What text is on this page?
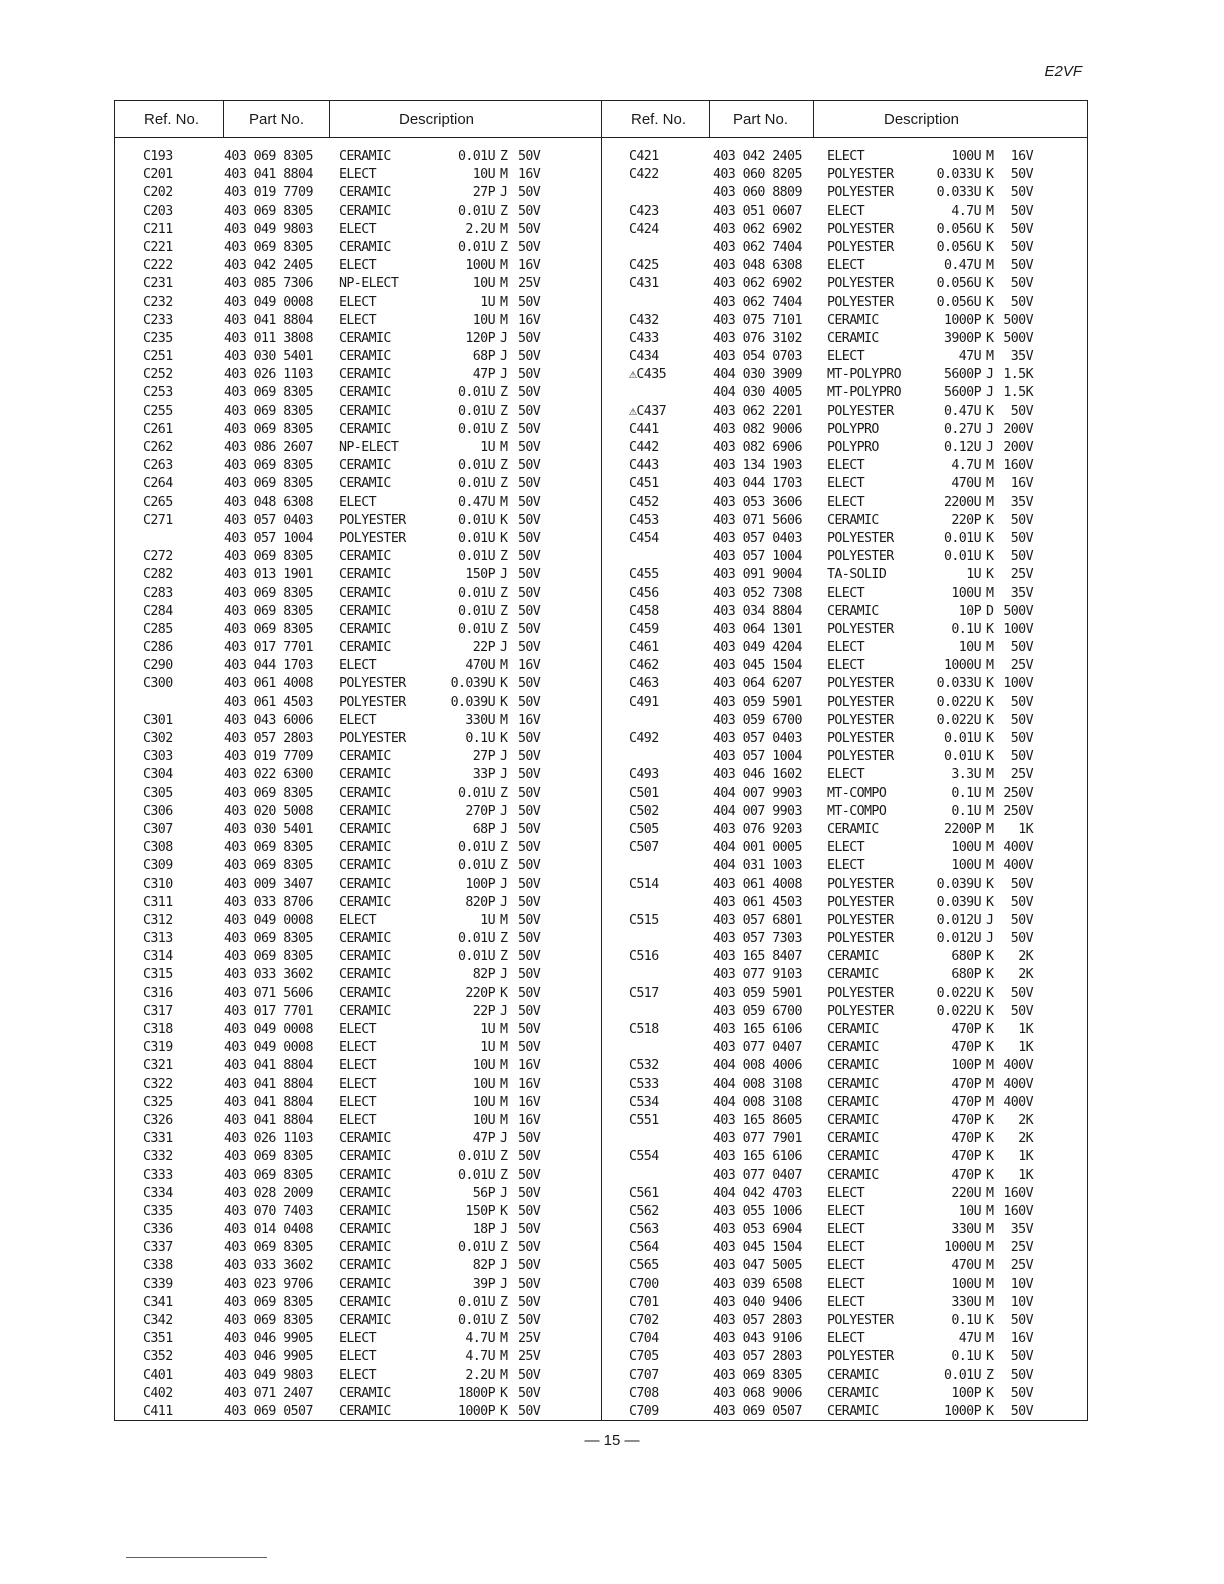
E2VF
Ref. No.	Part No.	Description
C193	403 069 8305 CERAMIC	0.01U Z 50V
C201	403 041 8804 ELECT	10U M 16V
C202	403 019 7709 CERAMIC	27P J 50V
C203	403 069 8305 CERAMIC	0.01U Z 50V
C211	403 049 9803 ELECT	2.2U M 50V
C221	403 069 8305 CERAMIC	0.01U Z 50V
C222	403 042 2405 ELECT	100U M 16V
C231	403 085 7306 NP-ELECT	10U M 25V
C232	403 049 0008 ELECT	1U M 50V
C233	403 041 8804 ELECT	10U M 16V
C235	403 011 3808 CERAMIC	120P J 50V
C251	403 030 5401 CERAMIC	68P J 50V
C252	403 026 1103 CERAMIC	47P J 50V
C253	403 069 8305 CERAMIC	0.01U Z 50V
C255	403 069 8305 CERAMIC	0.01U Z 50V
C261	403 069 8305 CERAMIC	0.01U Z 50V
C262	403 086 2607 NP-ELECT	1U M 50V
C263	403 069 8305 CERAMIC	0.01U Z 50V
C264	403 069 8305 CERAMIC	0.01U Z 50V
C265	403 048 6308 ELECT	0.47U M 50V
C271	403 057 0403 POLYESTER	0.01U K 50V
403 057 1004 POLYESTER	0.01U K 50V
C272	403 069 8305 CERAMIC	0.01U Z 50V
C282	403 013 1901 CERAMIC	150P J 50V
C283	403 069 8305 CERAMIC	0.01U Z 50V
C284	403 069 8305 CERAMIC	0.01U Z 50V
C285	403 069 8305 CERAMIC	0.01U Z 50V
C286	403 017 7701 CERAMIC	22P J 50V
C290	403 044 1703 ELECT	470U M 16V
C300	403 061 4008 POLYESTER	0.039U K 50V
403 061 4503 POLYESTER	0.039U K 50V
C301	403 043 6006 ELECT	330U M 16V
C302	403 057 2803 POLYESTER	0.1U K 50V
C303	403 019 7709 CERAMIC	27P J 50V
C304	403 022 6300 CERAMIC	33P J 50V
C305	403 069 8305 CERAMIC	0.01U Z 50V
C306	403 020 5008 CERAMIC	270P J 50V
C307	403 030 5401 CERAMIC	68P J 50V
C308	403 069 8305 CERAMIC	0.01U Z 50V
C309	403 069 8305 CERAMIC	0.01U Z 50V
C310	403 009 3407 CERAMIC	100P J 50V
C311	403 033 8706 CERAMIC	820P J 50V
C312	403 049 0008 ELECT	1U M 50V
C313	403 069 8305 CERAMIC	0.01U Z 50V
C314	403 069 8305 CERAMIC	0.01U Z 50V
C315	403 033 3602 CERAMIC	82P J 50V
C316	403 071 5606 CERAMIC	220P K 50V
C317	403 017 7701 CERAMIC	22P J 50V
C318	403 049 0008 ELECT	1U M 50V
C319	403 049 0008 ELECT	1U M 50V
C321	403 041 8804 ELECT	10U M 16V
C322	403 041 8804 ELECT	10U M 16V
C325	403 041 8804 ELECT	10U M 16V
C326	403 041 8804 ELECT	10U M 16V
C331	403 026 1103 CERAMIC	47P J 50V
C332	403 069 8305 CERAMIC	0.01U Z 50V
C333	403 069 8305 CERAMIC	0.01U Z 50V
C334	403 028 2009 CERAMIC	56P J 50V
C335	403 070 7403 CERAMIC	150P K 50V
C336	403 014 0408 CERAMIC	18P J 50V
C337	403 069 8305 CERAMIC	0.01U Z 50V
C338	403 033 3602 CERAMIC	82P J 50V
C339	403 023 9706 CERAMIC	39P J 50V
C341	403 069 8305 CERAMIC	0.01U Z 50V
C342	403 069 8305 CERAMIC	0.01U Z 50V
C351	403 046 9905 ELECT	4.7U M 25V
C352	403 046 9905 ELECT	4.7U M 25V
C401	403 049 9803 ELECT	2.2U M 50V
C402	403 071 2407 CERAMIC	1800P K 50V
C411	403 069 0507 CERAMIC	1000P K 50V
Ref. No.	Part No.	Description
C421	403 042 2405 ELECT	100U M	16V
C422	403 060 8205 POLYESTER	0.033U K	50V
403 060 8809 POLYESTER	0.033U K	50V
C423	403 051 0607 ELECT	4.7U M	50V
C424	403 062 6902 POLYESTER	0.056U K	50V
403 062 7404 POLYESTER	0.056U K	50V
C425	403 048 6308 ELECT	0.47U M	50V
C431	403 062 6902 POLYESTER	0.056U K	50V
403 062 7404 POLYESTER	0.056U K	50V
C432	403 075 7101 CERAMIC	1000P K 500V
C433	403 076 3102 CERAMIC	3900P K 500V
C434	403 054 0703 ELECT	47U M	35V
⚠C435	404 030 3909 MT-POLYPRO	5600P J 1.5K
404 030 4005 MT-POLYPRO	5600P J 1.5K
⚠C437	403 062 2201 POLYESTER	0.47U K	50V
C441	403 082 9006 POLYPRO	0.27U J 200V
C442	403 082 6906 POLYPRO	0.12U J 200V
C443	403 134 1903 ELECT	4.7U M 160V
C451	403 044 1703 ELECT	470U M	16V
C452	403 053 3606 ELECT	2200U M	35V
C453	403 071 5606 CERAMIC	220P K	50V
C454	403 057 0403 POLYESTER	0.01U K	50V
403 057 1004 POLYESTER	0.01U K	50V
C455	403 091 9004 TA-SOLID	1U K	25V
C456	403 052 7308 ELECT	100U M	35V
C458	403 034 8804 CERAMIC	10P D 500V
C459	403 064 1301 POLYESTER	0.1U K 100V
C461	403 049 4204 ELECT	10U M	50V
C462	403 045 1504 ELECT	1000U M	25V
C463	403 064 6207 POLYESTER	0.033U K 100V
C491	403 059 5901 POLYESTER	0.022U K	50V
403 059 6700 POLYESTER	0.022U K	50V
C492	403 057 0403 POLYESTER	0.01U K	50V
403 057 1004 POLYESTER	0.01U K	50V
C493	403 046 1602 ELECT	3.3U M	25V
C501	404 007 9903 MT-COMPO	0.1U M 250V
C502	404 007 9903 MT-COMPO	0.1U M 250V
C505	403 076 9203 CERAMIC	2200P M	1K
C507	404 001 0005 ELECT	100U M 400V
404 031 1003 ELECT	100U M 400V
C514	403 061 4008 POLYESTER	0.039U K	50V
403 061 4503 POLYESTER	0.039U K	50V
C515	403 057 6801 POLYESTER	0.012U J	50V
403 057 7303 POLYESTER	0.012U J	50V
C516	403 165 8407 CERAMIC	680P K	2K
403 077 9103 CERAMIC	680P K	2K
C517	403 059 5901 POLYESTER	0.022U K	50V
403 059 6700 POLYESTER	0.022U K	50V
C518	403 165 6106 CERAMIC	470P K	1K
403 077 0407 CERAMIC	470P K	1K
C532	404 008 4006 CERAMIC	100P M 400V
C533	404 008 3108 CERAMIC	470P M 400V
C534	404 008 3108 CERAMIC	470P M 400V
C551	403 165 8605 CERAMIC	470P K	2K
403 077 7901 CERAMIC	470P K	2K
C554	403 165 6106 CERAMIC	470P K	1K
403 077 0407 CERAMIC	470P K	1K
C561	404 042 4703 ELECT	220U M 160V
C562	403 055 1006 ELECT	10U M 160V
C563	403 053 6904 ELECT	330U M	35V
C564	403 045 1504 ELECT	1000U M	25V
C565	403 047 5005 ELECT	470U M	25V
C700	403 039 6508 ELECT	100U M	10V
C701	403 040 9406 ELECT	330U M	10V
C702	403 057 2803 POLYESTER	0.1U K	50V
C704	403 043 9106 ELECT	47U M	16V
C705	403 057 2803 POLYESTER	0.1U K	50V
C707	403 069 8305 CERAMIC	0.01U Z	50V
C708	403 068 9006 CERAMIC	100P K	50V
C709	403 069 0507 CERAMIC	1000P K	50V
— 15 —
